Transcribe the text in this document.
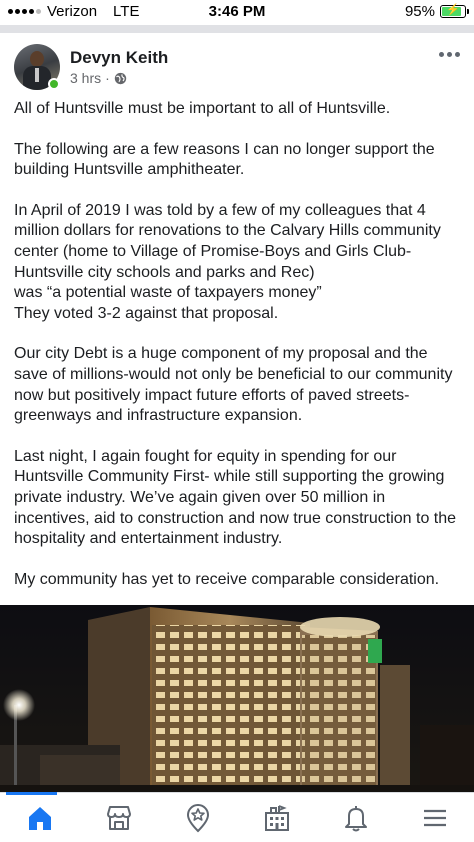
Verizon LTE	3:46 PM	95%	⚡
Devyn Keith
3 hrs ·

All of Huntsville must be important to all of Huntsville.

The following are a few reasons I can no longer support the building Huntsville amphitheater.

In April of 2019 I was told by a few of my colleagues that 4 million dollars for renovations to the Calvary Hills community center (home to Village of Promise-Boys and Girls Club-Huntsville city schools and parks and Rec)

was “a potential waste of taxpayers money”

They voted 3-2 against that proposal.

Our city Debt is a huge component of my proposal and the save of millions-would not only be beneficial to our community now but positively impact future efforts of paved streets-greenways and infrastructure expansion.

Last night, I again fought for equity in spending for our Huntsville Community First- while still supporting the growing private industry. We’ve again given over 50 million in incentives, aid to construction and now true construction to the hospitality and entertainment industry.

My community has yet to receive comparable consideration.
